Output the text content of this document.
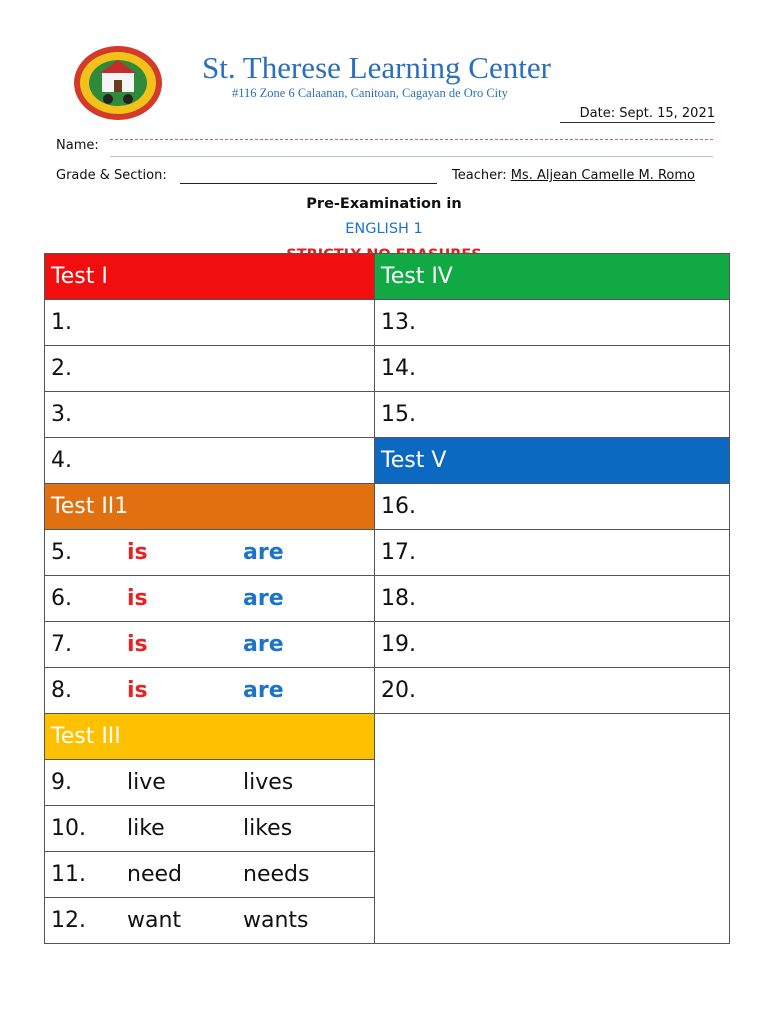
St. Therese Learning Center
#116 Zone 6 Calaanan, Canitoan, Cagayan de Oro City
Date: Sept. 15, 2021
Name:
Grade & Section:	Teacher: Ms. Aljean Camelle M. Romo
Pre-Examination in
ENGLISH 1
Test I	Test IV
1.	13.
2.	14.
3.	15.
4.	Test V
Test II1	16.
5. is are	17.
6. is are	18.
7. is are	19.
8. is are	20.
Test III	
9. live lives	
10. like likes	
11. need needs	
12. want wants	
